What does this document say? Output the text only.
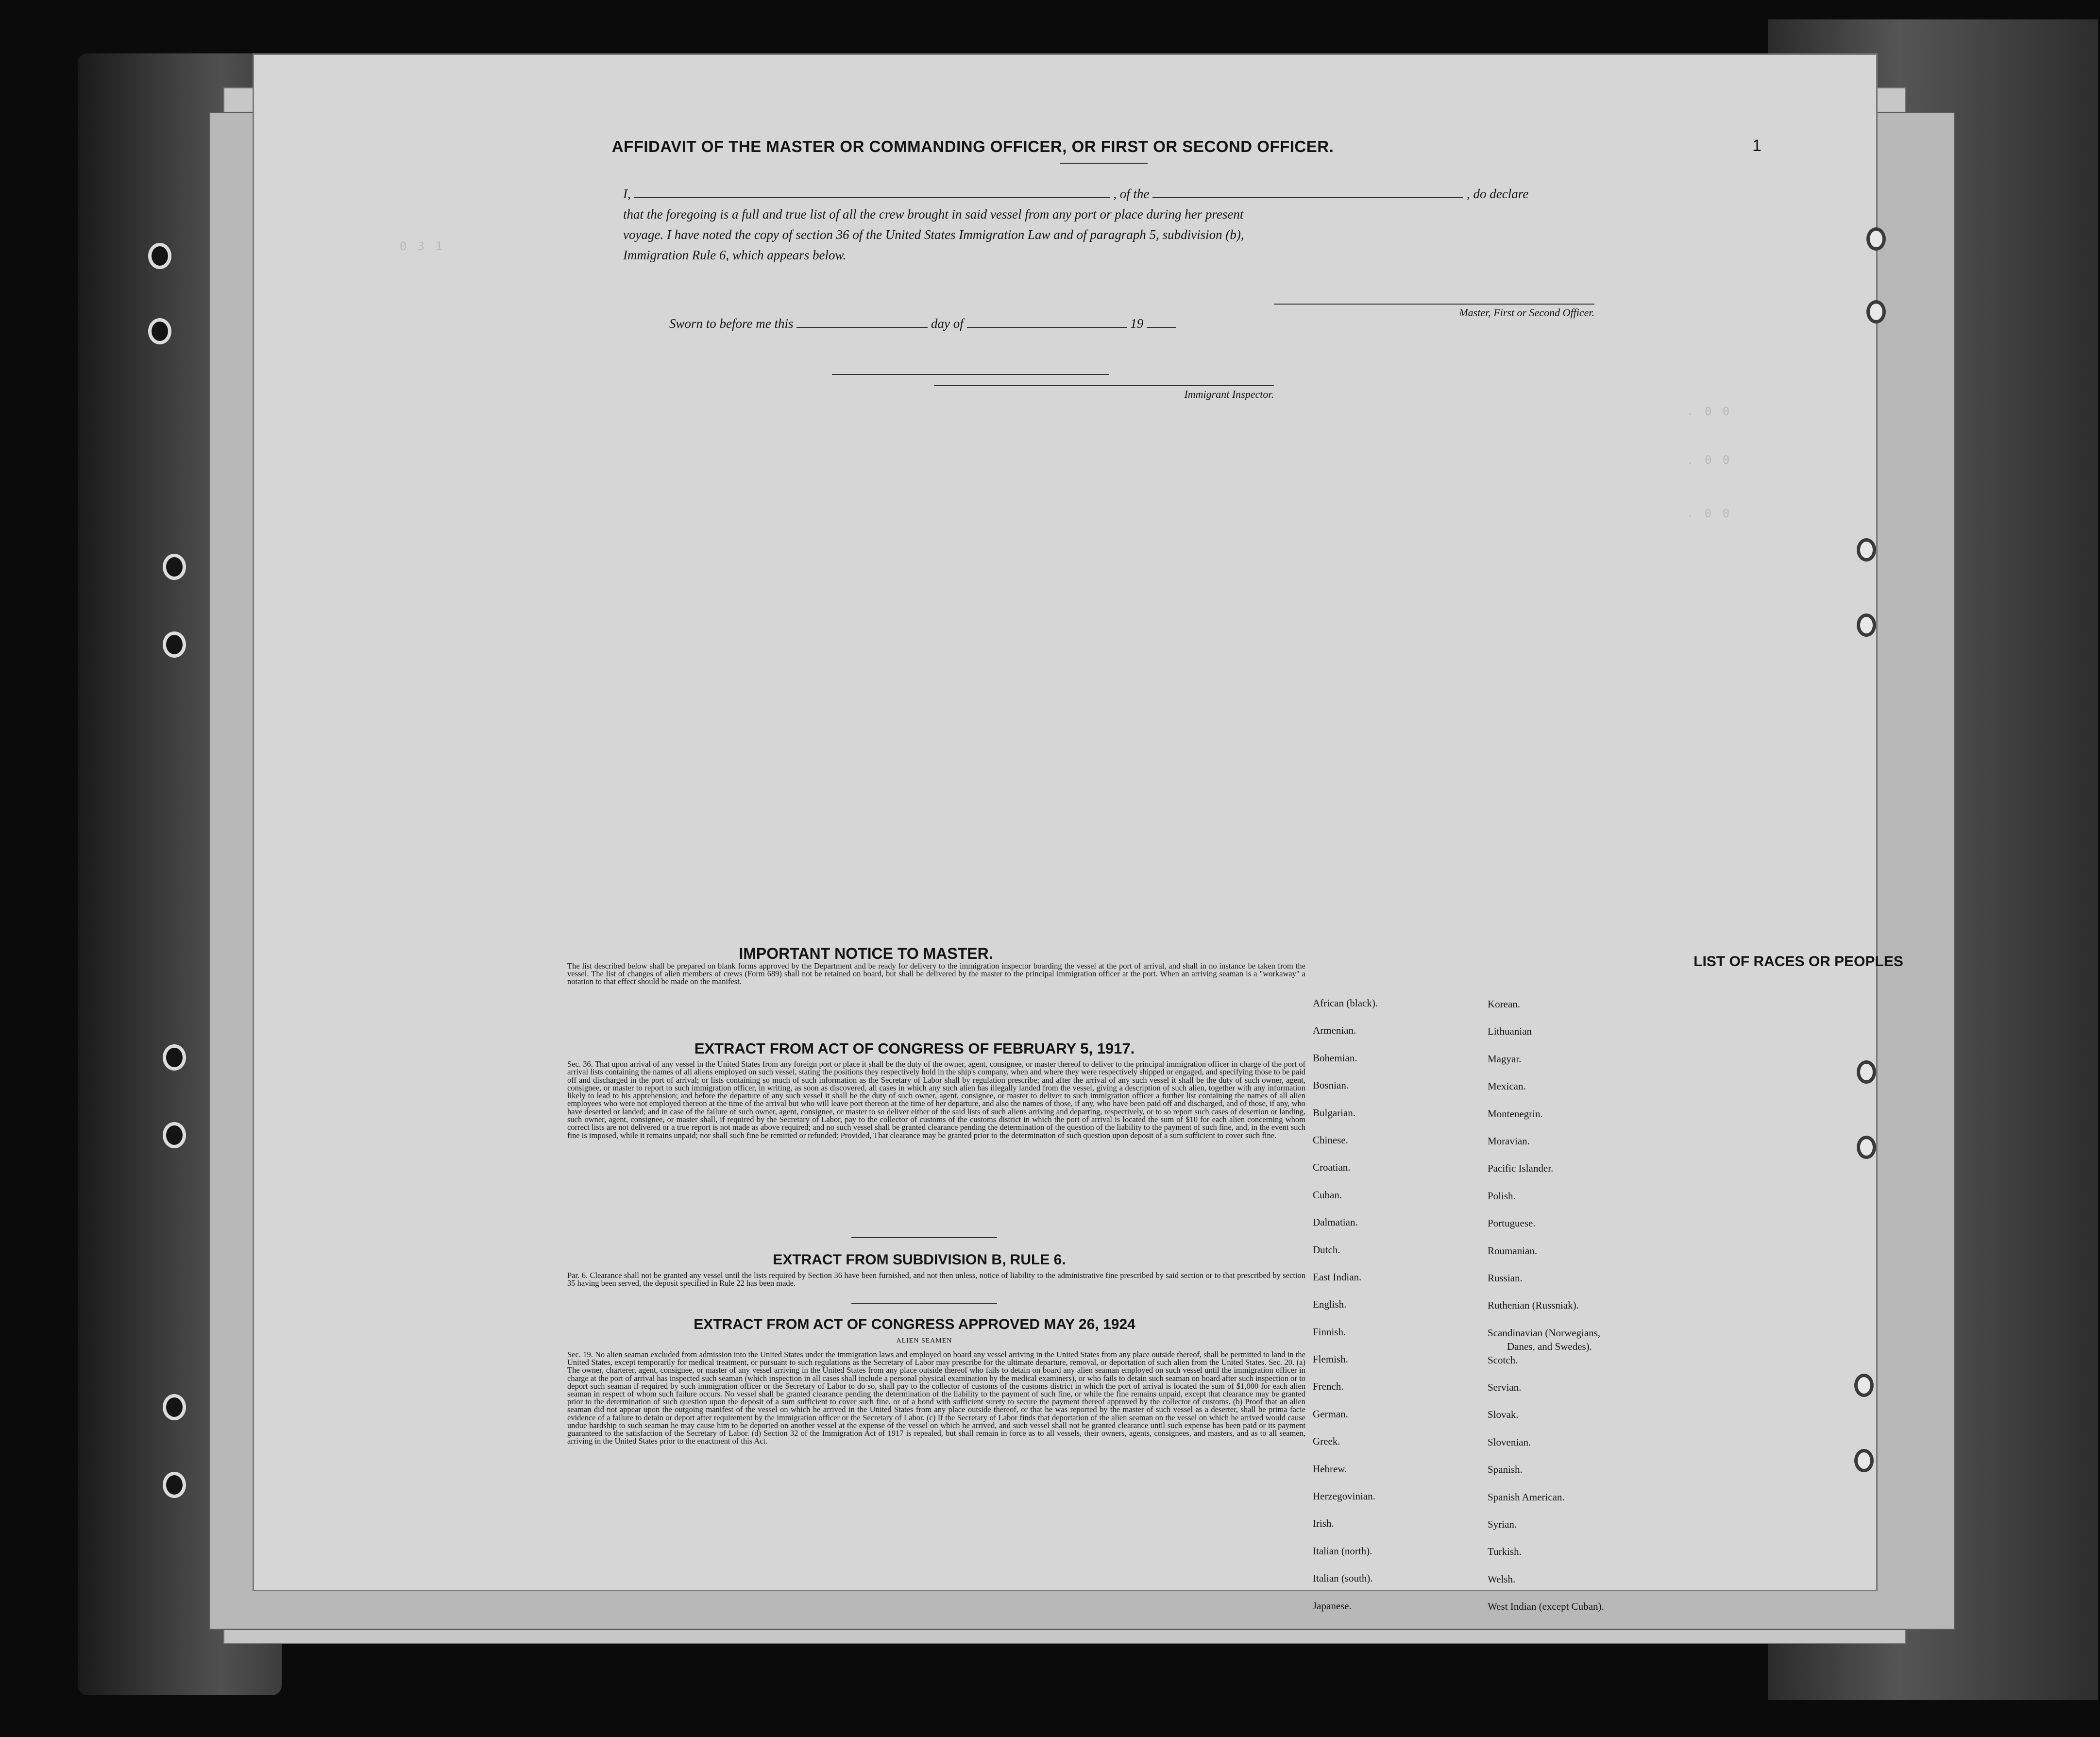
0 3 1
. 0 0
. 0 0
. 0 0
1
AFFIDAVIT OF THE MASTER OR COMMANDING OFFICER, OR FIRST OR SECOND OFFICER.
I,	, of the	, do declare
that the foregoing is a full and true list of all the crew brought in said vessel from any port or place during her present
voyage. I have noted the copy of section 36 of the United States Immigration Law and of paragraph 5, subdivision (b),
Immigration Rule 6, which appears below.
Sworn to before me this	day of	19
Master, First or Second Officer.
Immigrant Inspector.
IMPORTANT NOTICE TO MASTER.
The list described below shall be prepared on blank forms approved by the Department and be ready for delivery to the immigration inspector boarding the vessel at the port of arrival, and shall in no instance be taken from the vessel. The list of changes of alien members of crews (Form 689) shall not be retained on board, but shall be delivered by the master to the principal immigration officer at the port. When an arriving seaman is a "workaway" a notation to that effect should be made on the manifest.
EXTRACT FROM ACT OF CONGRESS OF FEBRUARY 5, 1917.
Sec. 36. That upon arrival of any vessel in the United States from any foreign port or place it shall be the duty of the owner, agent, consignee, or master thereof to deliver to the principal immigration officer in charge of the port of arrival lists containing the names of all aliens employed on such vessel, stating the positions they respectively hold in the ship's company, when and where they were respectively shipped or engaged, and specifying those to be paid off and discharged in the port of arrival; or lists containing so much of such information as the Secretary of Labor shall by regulation prescribe; and after the arrival of any such vessel it shall be the duty of such owner, agent, consignee, or master to report to such immigration officer, in writing, as soon as discovered, all cases in which any such alien has illegally landed from the vessel, giving a description of such alien, together with any information likely to lead to his apprehension; and before the departure of any such vessel it shall be the duty of such owner, agent, consignee, or master to deliver to such immigration officer a further list containing the names of all alien employees who were not employed thereon at the time of the arrival but who will leave port thereon at the time of her departure, and also the names of those, if any, who have been paid off and discharged, and of those, if any, who have deserted or landed; and in case of the failure of such owner, agent, consignee, or master to so deliver either of the said lists of such aliens arriving and departing, respectively, or to so report such cases of desertion or landing, such owner, agent, consignee, or master shall, if required by the Secretary of Labor, pay to the collector of customs of the customs district in which the port of arrival is located the sum of $10 for each alien concerning whom correct lists are not delivered or a true report is not made as above required; and no such vessel shall be granted clearance pending the determination of the question of the liability to the payment of such fine, and, in the event such fine is imposed, while it remains unpaid; nor shall such fine be remitted or refunded: Provided, That clearance may be granted prior to the determination of such question upon deposit of a sum sufficient to cover such fine.
EXTRACT FROM SUBDIVISION B, RULE 6.
Par. 6. Clearance shall not be granted any vessel until the lists required by Section 36 have been furnished, and not then unless, notice of liability to the administrative fine prescribed by said section or to that prescribed by section 35 having been served, the deposit specified in Rule 22 has been made.
EXTRACT FROM ACT OF CONGRESS APPROVED MAY 26, 1924
ALIEN SEAMEN
Sec. 19. No alien seaman excluded from admission into the United States under the immigration laws and employed on board any vessel arriving in the United States from any place outside thereof, shall be permitted to land in the United States, except temporarily for medical treatment, or pursuant to such regulations as the Secretary of Labor may prescribe for the ultimate departure, removal, or deportation of such alien from the United States. Sec. 20. (a) The owner, charterer, agent, consignee, or master of any vessel arriving in the United States from any place outside thereof who fails to detain on board any alien seaman employed on such vessel until the immigration officer in charge at the port of arrival has inspected such seaman (which inspection in all cases shall include a personal physical examination by the medical examiners), or who fails to detain such seaman on board after such inspection or to deport such seaman if required by such immigration officer or the Secretary of Labor to do so, shall pay to the collector of customs of the customs district in which the port of arrival is located the sum of $1,000 for each alien seaman in respect of whom such failure occurs. No vessel shall be granted clearance pending the determination of the liability to the payment of such fine, or while the fine remains unpaid, except that clearance may be granted prior to the determination of such question upon the deposit of a sum sufficient to cover such fine, or of a bond with sufficient surety to secure the payment thereof approved by the collector of customs. (b) Proof that an alien seaman did not appear upon the outgoing manifest of the vessel on which he arrived in the United States from any place outside thereof, or that he was reported by the master of such vessel as a deserter, shall be prima facie evidence of a failure to detain or deport after requirement by the immigration officer or the Secretary of Labor. (c) If the Secretary of Labor finds that deportation of the alien seaman on the vessel on which he arrived would cause undue hardship to such seaman he may cause him to be deported on another vessel at the expense of the vessel on which he arrived, and such vessel shall not be granted clearance until such expense has been paid or its payment guaranteed to the satisfaction of the Secretary of Labor. (d) Section 32 of the Immigration Act of 1917 is repealed, but shall remain in force as to all vessels, their owners, agents, consignees, and masters, and as to all seamen, arriving in the United States prior to the enactment of this Act.
LIST OF RACES OR PEOPLES
African (black).
Armenian.
Bohemian.
Bosnian.
Bulgarian.
Chinese.
Croatian.
Cuban.
Dalmatian.
Dutch.
East Indian.
English.
Finnish.
Flemish.
French.
German.
Greek.
Hebrew.
Herzegovinian.
Irish.
Italian (north).
Italian (south).
Japanese.
Korean.
Lithuanian
Magyar.
Mexican.
Montenegrin.
Moravian.
Pacific Islander.
Polish.
Portuguese.
Roumanian.
Russian.
Ruthenian (Russniak).
Scandinavian (Norwegians,
Danes, and Swedes).
Scotch.
Servian.
Slovak.
Slovenian.
Spanish.
Spanish American.
Syrian.
Turkish.
Welsh.
West Indian (except Cuban).
